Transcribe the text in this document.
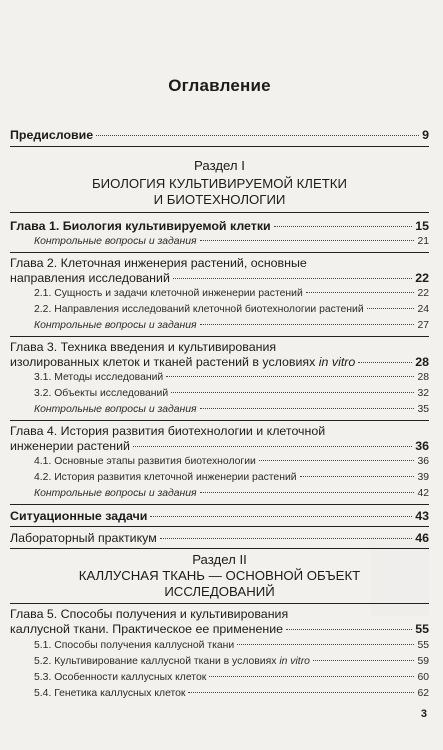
Оглавление
Предисловие	9
Раздел I
БИОЛОГИЯ КУЛЬТИВИРУЕМОЙ КЛЕТКИ
И БИОТЕХНОЛОГИИ
Глава 1. Биология культивируемой клетки	15
Контрольные вопросы и задания	21
Глава 2. Клеточная инженерия растений, основные
направления исследований	22
2.1. Сущность и задачи клеточной инженерии растений	22
2.2. Направления исследований клеточной биотехнологии растений	24
Контрольные вопросы и задания	27
Глава 3. Техника введения и культивирования
изолированных клеток и тканей растений в условиях in vitro	28
3.1. Методы исследований	28
3.2. Объекты исследований	32
Контрольные вопросы и задания	35
Глава 4. История развития биотехнологии и клеточной
инженерии растений	36
4.1. Основные этапы развития биотехнологии	36
4.2. История развития клеточной инженерии растений	39
Контрольные вопросы и задания	42
Ситуационные задачи	43
Лабораторный практикум	46
Раздел II
КАЛЛУСНАЯ ТКАНЬ — ОСНОВНОЙ ОБЪЕКТ
ИССЛЕДОВАНИЙ
Глава 5. Способы получения и культивирования
каллусной ткани. Практическое ее применение	55
5.1. Способы получения каллусной ткани	55
5.2. Культивирование каллусной ткани в условиях in vitro	59
5.3. Особенности каллусных клеток	60
5.4. Генетика каллусных клеток	62
3
